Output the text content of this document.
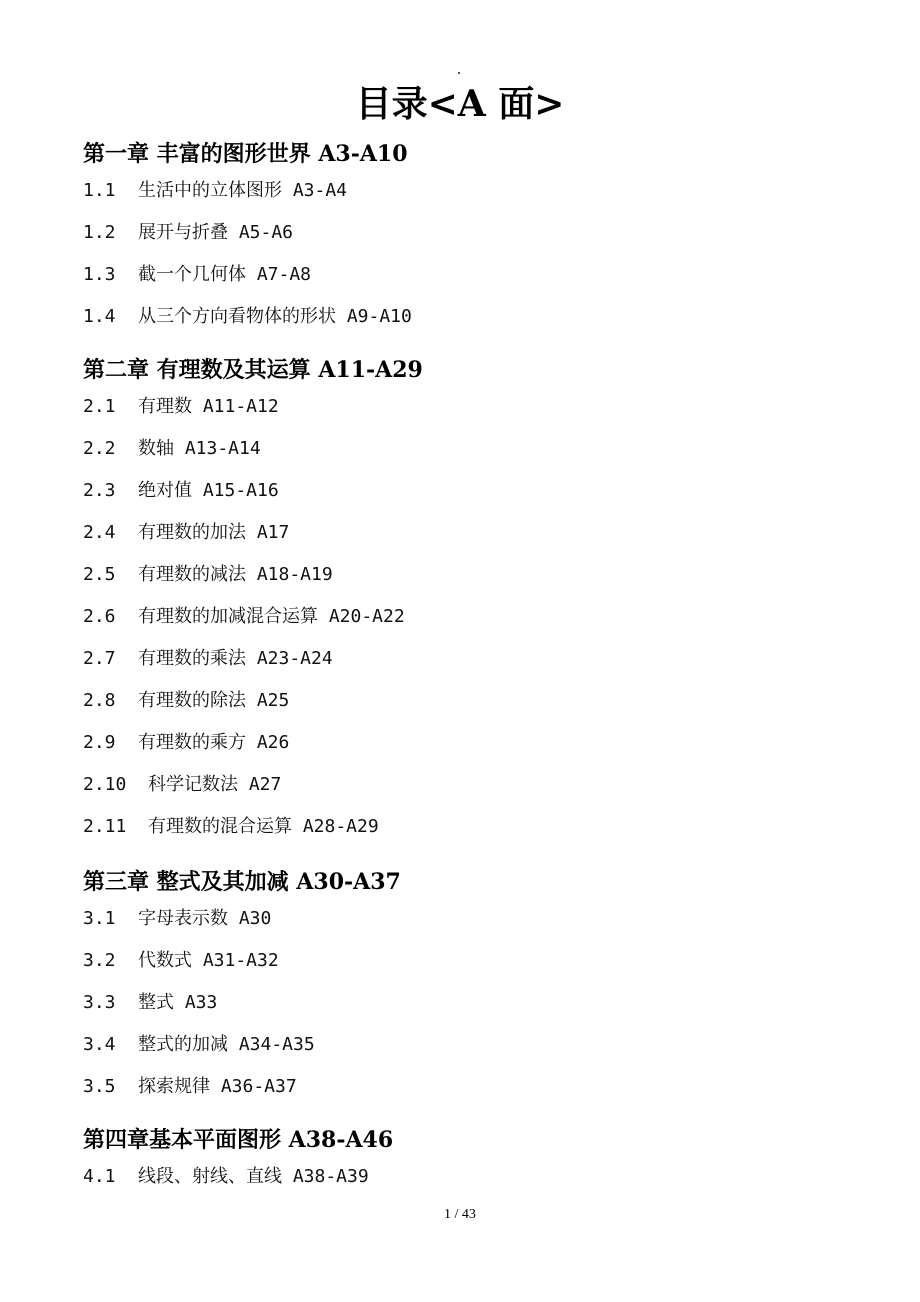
目录<A 面>
第一章 丰富的图形世界 A3-A10
1.1 生活中的立体图形 A3-A4
1.2 展开与折叠 A5-A6
1.3 截一个几何体 A7-A8
1.4 从三个方向看物体的形状 A9-A10
第二章 有理数及其运算 A11-A29
2.1 有理数 A11-A12
2.2 数轴 A13-A14
2.3 绝对值 A15-A16
2.4 有理数的加法 A17
2.5 有理数的减法 A18-A19
2.6 有理数的加减混合运算 A20-A22
2.7 有理数的乘法 A23-A24
2.8 有理数的除法 A25
2.9 有理数的乘方 A26
2.10 科学记数法 A27
2.11 有理数的混合运算 A28-A29
第三章 整式及其加减 A30-A37
3.1 字母表示数 A30
3.2 代数式 A31-A32
3.3 整式 A33
3.4 整式的加减 A34-A35
3.5 探索规律 A36-A37
第四章基本平面图形 A38-A46
4.1 线段、射线、直线 A38-A39
1 / 43
